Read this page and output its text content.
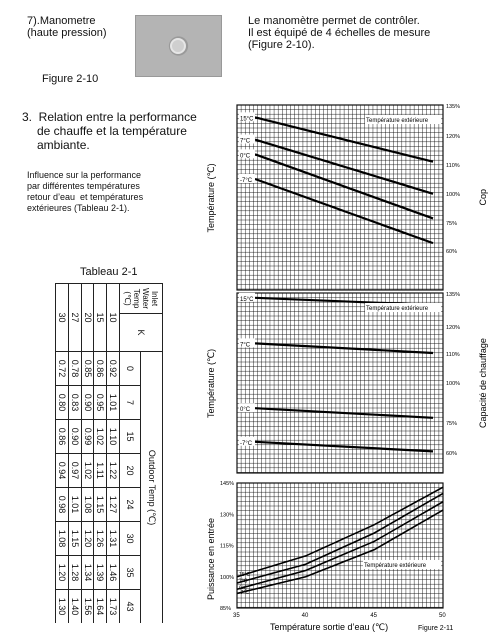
7).Manometre
(haute pression)
Le manomètre permet de contrôler.
Il est équipé de 4 échelles de mesure
(Figure 2-10).
Figure 2-10
3.  Relation entre la performance
de chauffe et la température
ambiante.
Influence sur la performance
par différentes températures
retour d’eau  et températures
extérieures (Tableau 2-1).
Tableau 2-1
Inlet
Water
Temp
(℃)	K	Outdoor Temp (℃)							
		0	7	15	20	24	30	35	43
10		0.92	1.01	1.10	1.22	1.27	1.31	1.46	1.73
15		0.86	0.95	1.02	1.11	1.15	1.26	1.39	1.64
20		0.85	0.90	0.99	1.02	1.08	1.20	1.34	1.56
27		0.78	0.83	0.90	0.97	1.01	1.15	1.28	1.40
30		0.72	0.80	0.86	0.94	0.98	1.08	1.20	1.30
15°C
7°C
0°C
-7°C
Température extérieure
135%
120%
110%
100%
75%
60%
Température (℃)	Cop
15°C
7°C
0°C
-7°C
Température extérieure
135%
120%
110%
100%
75%
60%
Température (℃)	Capacité de chauffage
15°C
7°C
0°C
-7°C
Température extérieure
145%
130%
115%
100%
85%
35	40	45	50
Puissance en entrée
Température sortie d’eau (℃)	Figure 2-11
